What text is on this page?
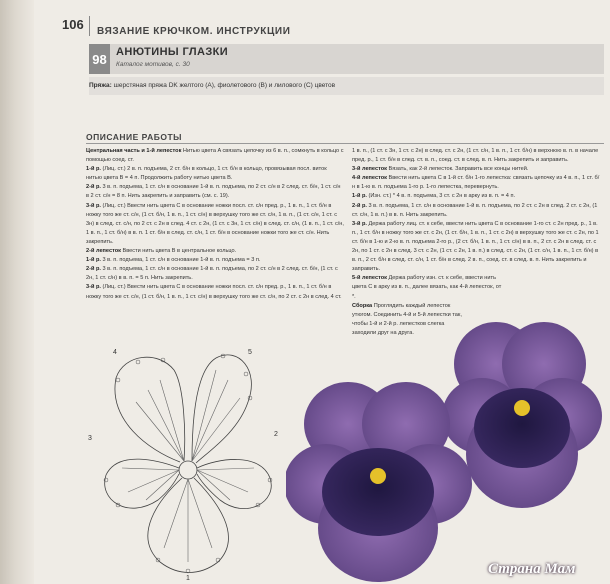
106 ВЯЗАНИЕ КРЮЧКОМ. ИНСТРУКЦИИ
98 АНЮТИНЫ ГЛАЗКИ
Каталог мотивов, с. 30
Пряжа: шерстяная пряжа DK желтого (A), фиолетового (B) и лилового (C) цветов
ОПИСАНИЕ РАБОТЫ

Центральная часть и 1-й лепесток Нитью цвета A связать цепочку из 6 в. п., сомкнуть в кольцо с помощью соед. ст.

1-й р. (Лиц. ст.) 2 в. п. подъема, 2 ст. б/н в кольцо, 1 ст. б/н в кольцо, провязывая посл. виток нитью цвета B = 4 п. Продолжить работу нитью цвета B.

2-й р. 3 в. п. подъема, 1 ст. с/н в основание 1-й в. п. подъема, по 2 ст. с/н в 2 след. ст. б/н, 1 ст. с/н в 2 ст. с/н = 8 п. Нить закрепить и заправить (см. с. 19).

3-й р. (Лиц. ст.) Ввести нить цвета C в основание ножки посл. ст. с/н пред. р., 1 в. п., 1 ст. б/н в ножку того же ст. с/н, (1 ст. б/н, 1 в. п., 1 ст. с/н) в верхушку того же ст. с/н, 1 в. п., (1 ст. с/н, 1 ст. с 3н) в след. ст. с/н, по 2 ст. с 2н в след. 4 ст. с 2н, (1 ст. с 3н, 1 ст. с/н) в след. ст. с/н, (1 в. п., 1 ст. с/н, 1 в. п., 1 ст. б/н) в в. п. 1 ст. б/н в след. ст. с/н, 1 ст. б/н в основание ножки того же ст. с/н. Нить закрепить.

2-й лепесток Ввести нить цвета B в центральное кольцо.

1-й р. 3 в. п. подъема, 1 ст. с/н в основание 1-й в. п. подъема = 3 п.

2-й р. 3 в. п. подъема, 1 ст. с/н в основание 1-й в. п. подъема, по 2 ст. с/н в 2 след. ст. б/н, (1 ст. с 2н, 1 ст. с/н) в в. п. = 5 п. Нить закрепить.

3-й р. (Лиц. ст.) Ввести нить цвета C в основание ножки посл. ст. с/н пред. р., 1 в. п., 1 ст. б/н в ножку того же ст. с/н, (1 ст. б/н, 1 в. п., 1 ст. с/н) в верхушку того же ст. с/н, по 2 ст. с 2н в след. 4 ст.

1 в. п., (1 ст. с 3н, 1 ст. с 2н) в след. ст. с 2н, (1 ст. с/н, 1 в. п., 1 ст. б/н) в верхнюю в. п. в начале пред. р., 1 ст. б/н в след. ст. в. п., соед. ст. в след. в. п. Нить закрепить и заправить.

3-й лепесток Вязать, как 2-й лепесток. Заправить все концы нитей.

4-й лепесток Ввести нить цвета C в 1-й ст. б/н 1-го лепестка: связать цепочку из 4 в. п., 1 ст. б/н в 1-ю в. п. подъема 1-го р. 1-го лепестка, перевернуть.

1-й р. (Изн. ст.) * 4 в. п. подъема, 3 ст. с 2н в арку из в. п. = 4 п.

2-й р. 3 в. п. подъема, 1 ст. с/н в основание 1-й в. п. подъема, по 2 ст. с 2н в след. 2 ст. с 2н, (1 ст. с/н, 1 в. п.) в в. п. Нить закрепить.

3-й р. Держа работу лиц. ст. к себе, ввести нить цвета C в основание 1-го ст. с 2н пред. р., 1 в. п., 1 ст. б/н в ножку того же ст. с 2н, (1 ст. б/н, 1 в. п., 1 ст. с 2н) в верхушку того же ст. с 2н, по 1 ст. б/н в 1-ю и 2-ю в. п. подъема 2-го р., (2 ст. б/н, 1 в. п., 1 ст. с/н) в в. п., 2 ст. с 2н в след. ст. с 2н, по 1 ст. с 2н в след. 3 ст. с 2н, (1 ст. с 2н, 1 в. п.) в след. ст. с 2н, (1 ст. с/н, 1 в. п., 1 ст. б/н) в в. п., 2 ст. б/н в след. ст. с/н, 1 ст. б/н в след. 2 в. п., соед. ст. в след. в. п. Нить закрепить и заправить.

5-й лепесток Держа работу изн. ст. к себе, ввести нить цвета C в арку из в. п., далее вязать, как 4-й лепесток, от *.

Сборка Проглядить каждый лепесток утюгом. Соединить 4-й и 5-й лепестки так, чтобы 1-й и 2-й р. лепестков слегка заходили друг на друга.

4	5
3
1
2
Страна Мам
